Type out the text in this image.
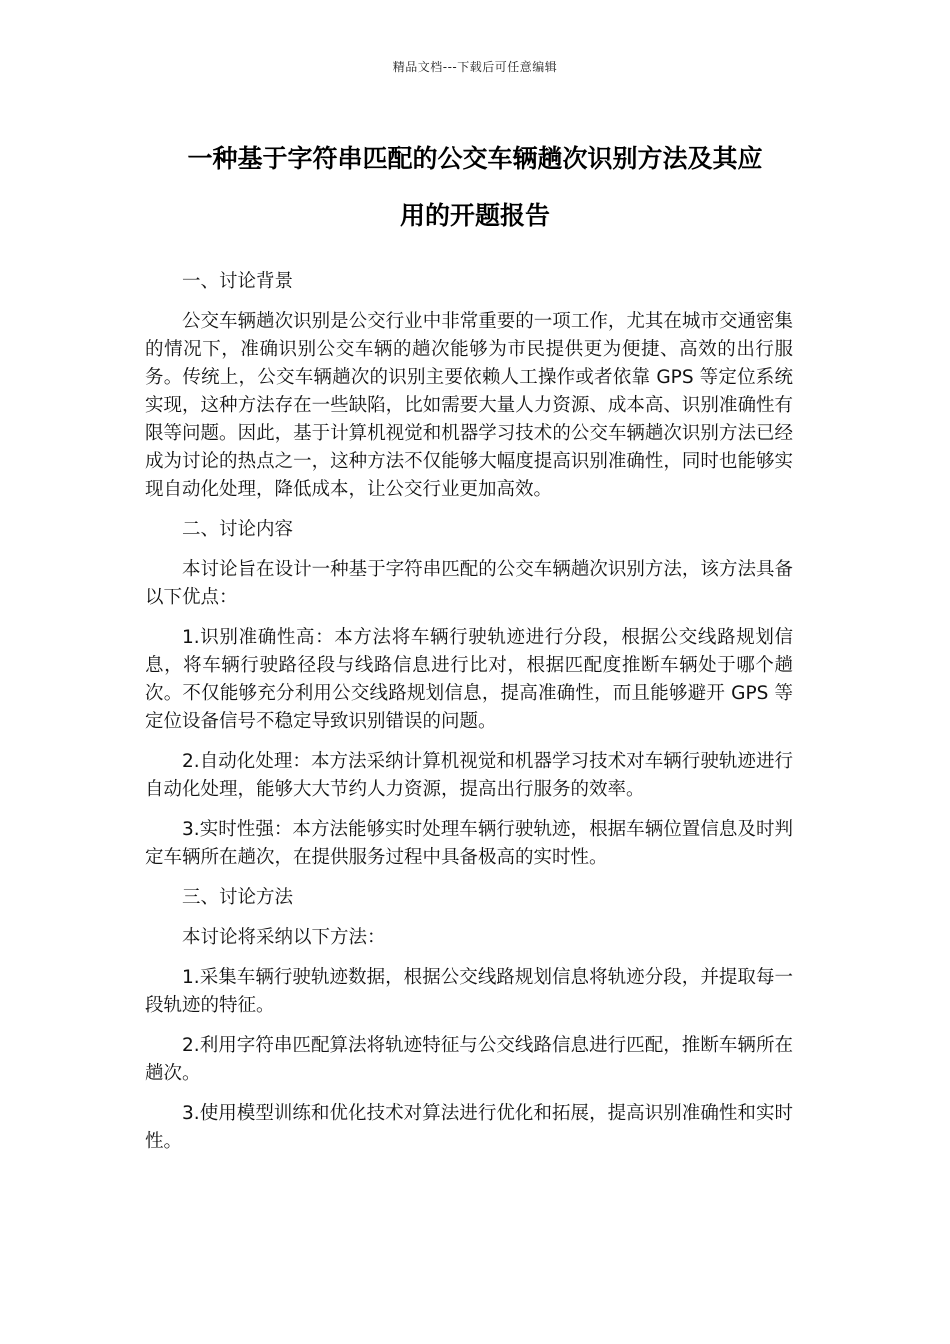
精品文档---下载后可任意编辑
一种基于字符串匹配的公交车辆趟次识别方法及其应
用的开题报告

一、讨论背景

公交车辆趟次识别是公交行业中非常重要的一项工作，尤其在城市交通密集的情况下，准确识别公交车辆的趟次能够为市民提供更为便捷、高效的出行服务。传统上，公交车辆趟次的识别主要依赖人工操作或者依靠 GPS 等定位系统实现，这种方法存在一些缺陷，比如需要大量人力资源、成本高、识别准确性有限等问题。因此，基于计算机视觉和机器学习技术的公交车辆趟次识别方法已经成为讨论的热点之一，这种方法不仅能够大幅度提高识别准确性，同时也能够实现自动化处理，降低成本，让公交行业更加高效。

二、讨论内容

本讨论旨在设计一种基于字符串匹配的公交车辆趟次识别方法，该方法具备以下优点：

1.识别准确性高：本方法将车辆行驶轨迹进行分段，根据公交线路规划信息，将车辆行驶路径段与线路信息进行比对，根据匹配度推断车辆处于哪个趟次。不仅能够充分利用公交线路规划信息，提高准确性，而且能够避开 GPS 等定位设备信号不稳定导致识别错误的问题。

2.自动化处理：本方法采纳计算机视觉和机器学习技术对车辆行驶轨迹进行自动化处理，能够大大节约人力资源，提高出行服务的效率。

3.实时性强：本方法能够实时处理车辆行驶轨迹，根据车辆位置信息及时判定车辆所在趟次，在提供服务过程中具备极高的实时性。

三、讨论方法

本讨论将采纳以下方法：

1.采集车辆行驶轨迹数据，根据公交线路规划信息将轨迹分段，并提取每一段轨迹的特征。

2.利用字符串匹配算法将轨迹特征与公交线路信息进行匹配，推断车辆所在趟次。

3.使用模型训练和优化技术对算法进行优化和拓展，提高识别准确性和实时性。
